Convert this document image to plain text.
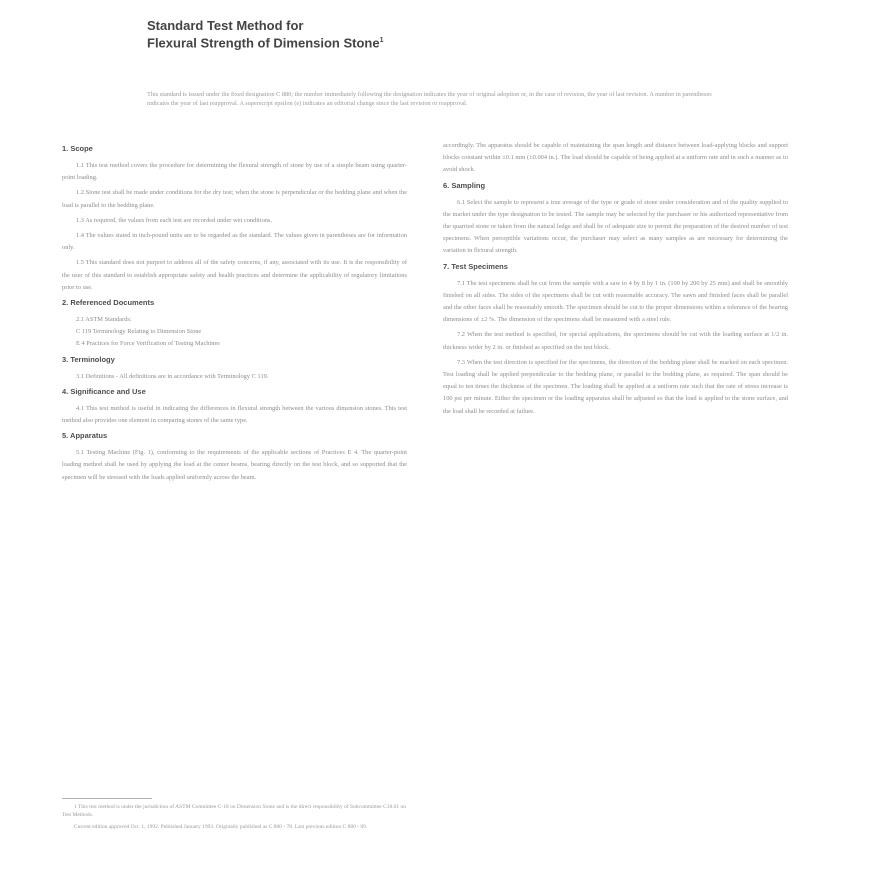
Standard Test Method for

Flexural Strength of Dimension Stone$^1$

This standard is issued under the fixed designation C 880; the number immediately following the designation indicates the year of original adoption or, in the case of revision, the year of last revision. A number in parentheses indicates the year of last reapproval. A superscript epsilon (e) indicates an editorial change since the last revision or reapproval.
1. Scope

1.1 This test method covers the procedure for determining the flexural strength of stone by use of a simple beam using quarter-point loading.

1.2 Stone test shall be made under conditions for the dry test; when the stone is perpendicular or the bedding plane and when the load is parallel to the bedding plane.

1.3 As required, the values from each test are recorded under wet conditions.

1.4 The values stated in inch-pound units are to be regarded as the standard. The values given in parentheses are for information only.

1.5 This standard does not purport to address all of the safety concerns, if any, associated with its use. It is the responsibility of the user of this standard to establish appropriate safety and health practices and determine the applicability of regulatory limitations prior to use.

2. Referenced Documents

2.1 ASTM Standards:

C 119 Terminology Relating to Dimension Stone

E 4 Practices for Force Verification of Testing Machines

3. Terminology

3.1 Definitions - All definitions are in accordance with Terminology C 119.

4. Significance and Use

4.1 This test method is useful in indicating the differences in flexural strength between the various dimension stones. This test method also provides one element in comparing stones of the same type.

5. Apparatus

5.1 Testing Machine (Fig. 1), conforming to the requirements of the applicable sections of Practices E 4. The quarter-point loading method shall be used by applying the load at the center beams, bearing directly on the test block, and so supported that the specimen will be stressed with the loads applied uniformly across the beam.

accordingly. The apparatus should be capable of maintaining the span length and distance between load-applying blocks and support blocks constant within ±0.1 mm (±0.004 in.). The load should be capable of being applied at a uniform rate and in such a manner as to avoid shock.

6. Sampling

6.1 Select the sample to represent a true average of the type or grade of stone under consideration and of the quality supplied to the market under the type designation to be tested. The sample may be selected by the purchaser or his authorized representative from the quarried stone or taken from the natural ledge and shall be of adequate size to permit the preparation of the desired number of test specimens. When perceptible variations occur, the purchaser may select as many samples as are necessary for determining the variation in flexural strength.

7. Test Specimens

7.1 The test specimens shall be cut from the sample with a saw to 4 by 8 by 1 in. (100 by 200 by 25 mm) and shall be smoothly finished on all sides. The sides of the specimens shall be cut with reasonable accuracy. The sawn and finished faces shall be parallel and the other faces shall be reasonably smooth. The specimen should be cut to the proper dimensions within a tolerance of the bearing dimensions of ±2 %. The dimension of the specimens shall be measured with a steel rule.

7.2 When the test method is specified, for special applications, the specimens should be cut with the loading surface at 1/2 in. thickness wider by 2 in. or finished as specified on the test block.

7.3 When the test direction is specified for the specimens, the direction of the bedding plane shall be marked on each specimen. Test loading shall be applied perpendicular to the bedding plane, or parallel to the bedding plane, as required. The span should be equal to ten times the thickness of the specimen. The loading shall be applied at a uniform rate such that the rate of stress increase is 100 psi per minute. Either the specimen or the loading apparatus shall be adjusted so that the load is applied to the stone surface, and the load shall be recorded at failure.

1 This test method is under the jurisdiction of ASTM Committee C-18 on Dimension Stone and is the direct responsibility of Subcommittee C18.01 on Test Methods.

Current edition approved Oct. 1, 1992. Published January 1993. Originally published as C 880 - 78. Last previous edition C 880 - 89.
